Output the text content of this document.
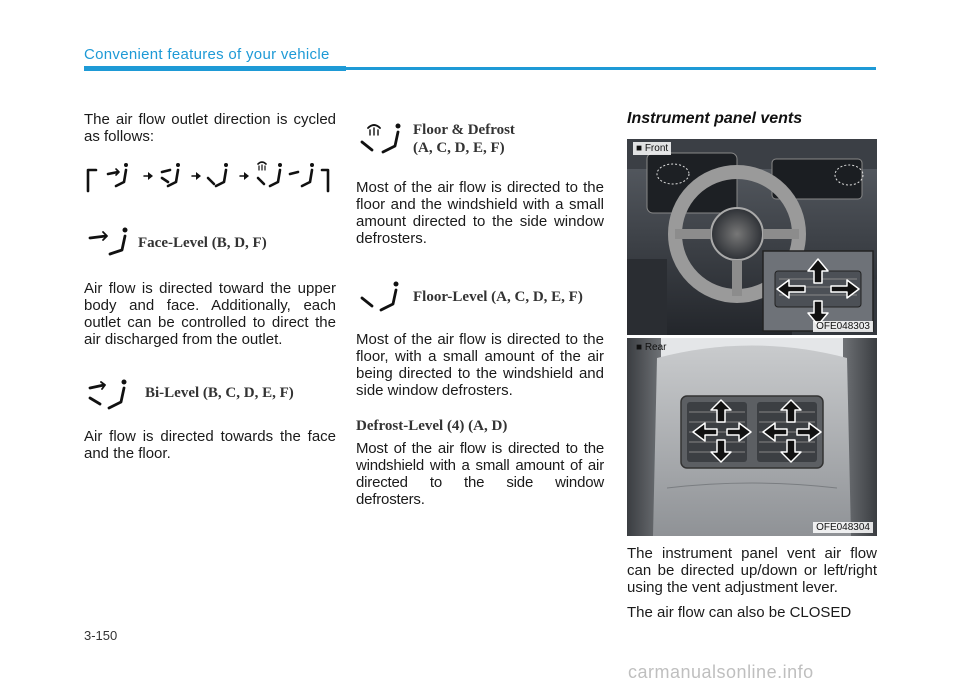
Convenient features of your vehicle

The air flow outlet direction is cycled as follows:

Face-Level (B, D, F)

Air flow is directed toward the upper body and face. Additionally, each outlet can be controlled to direct the air discharged from the outlet.

Bi-Level (B, C, D, E, F)

Air flow is directed towards the face and the floor.

Floor & Defrost
(A, C, D, E, F)

Most of the air flow is directed to the floor and the windshield with a small amount directed to the side window defrosters.

Floor-Level (A, C, D, E, F)

Most of the air flow is directed to the floor, with a small amount of the air being directed to the windshield and side window defrosters.

Defrost-Level (4) (A, D)

Most of the air flow is directed to the windshield with a small amount of air directed to the side window defrosters.

Instrument panel vents
■ Front
OFE048303
■ Rear
OFE048304

The instrument panel vent air flow can be directed up/down or left/right using the vent adjustment lever.

The air flow can also be CLOSED

3-150
carmanualsonline.info
